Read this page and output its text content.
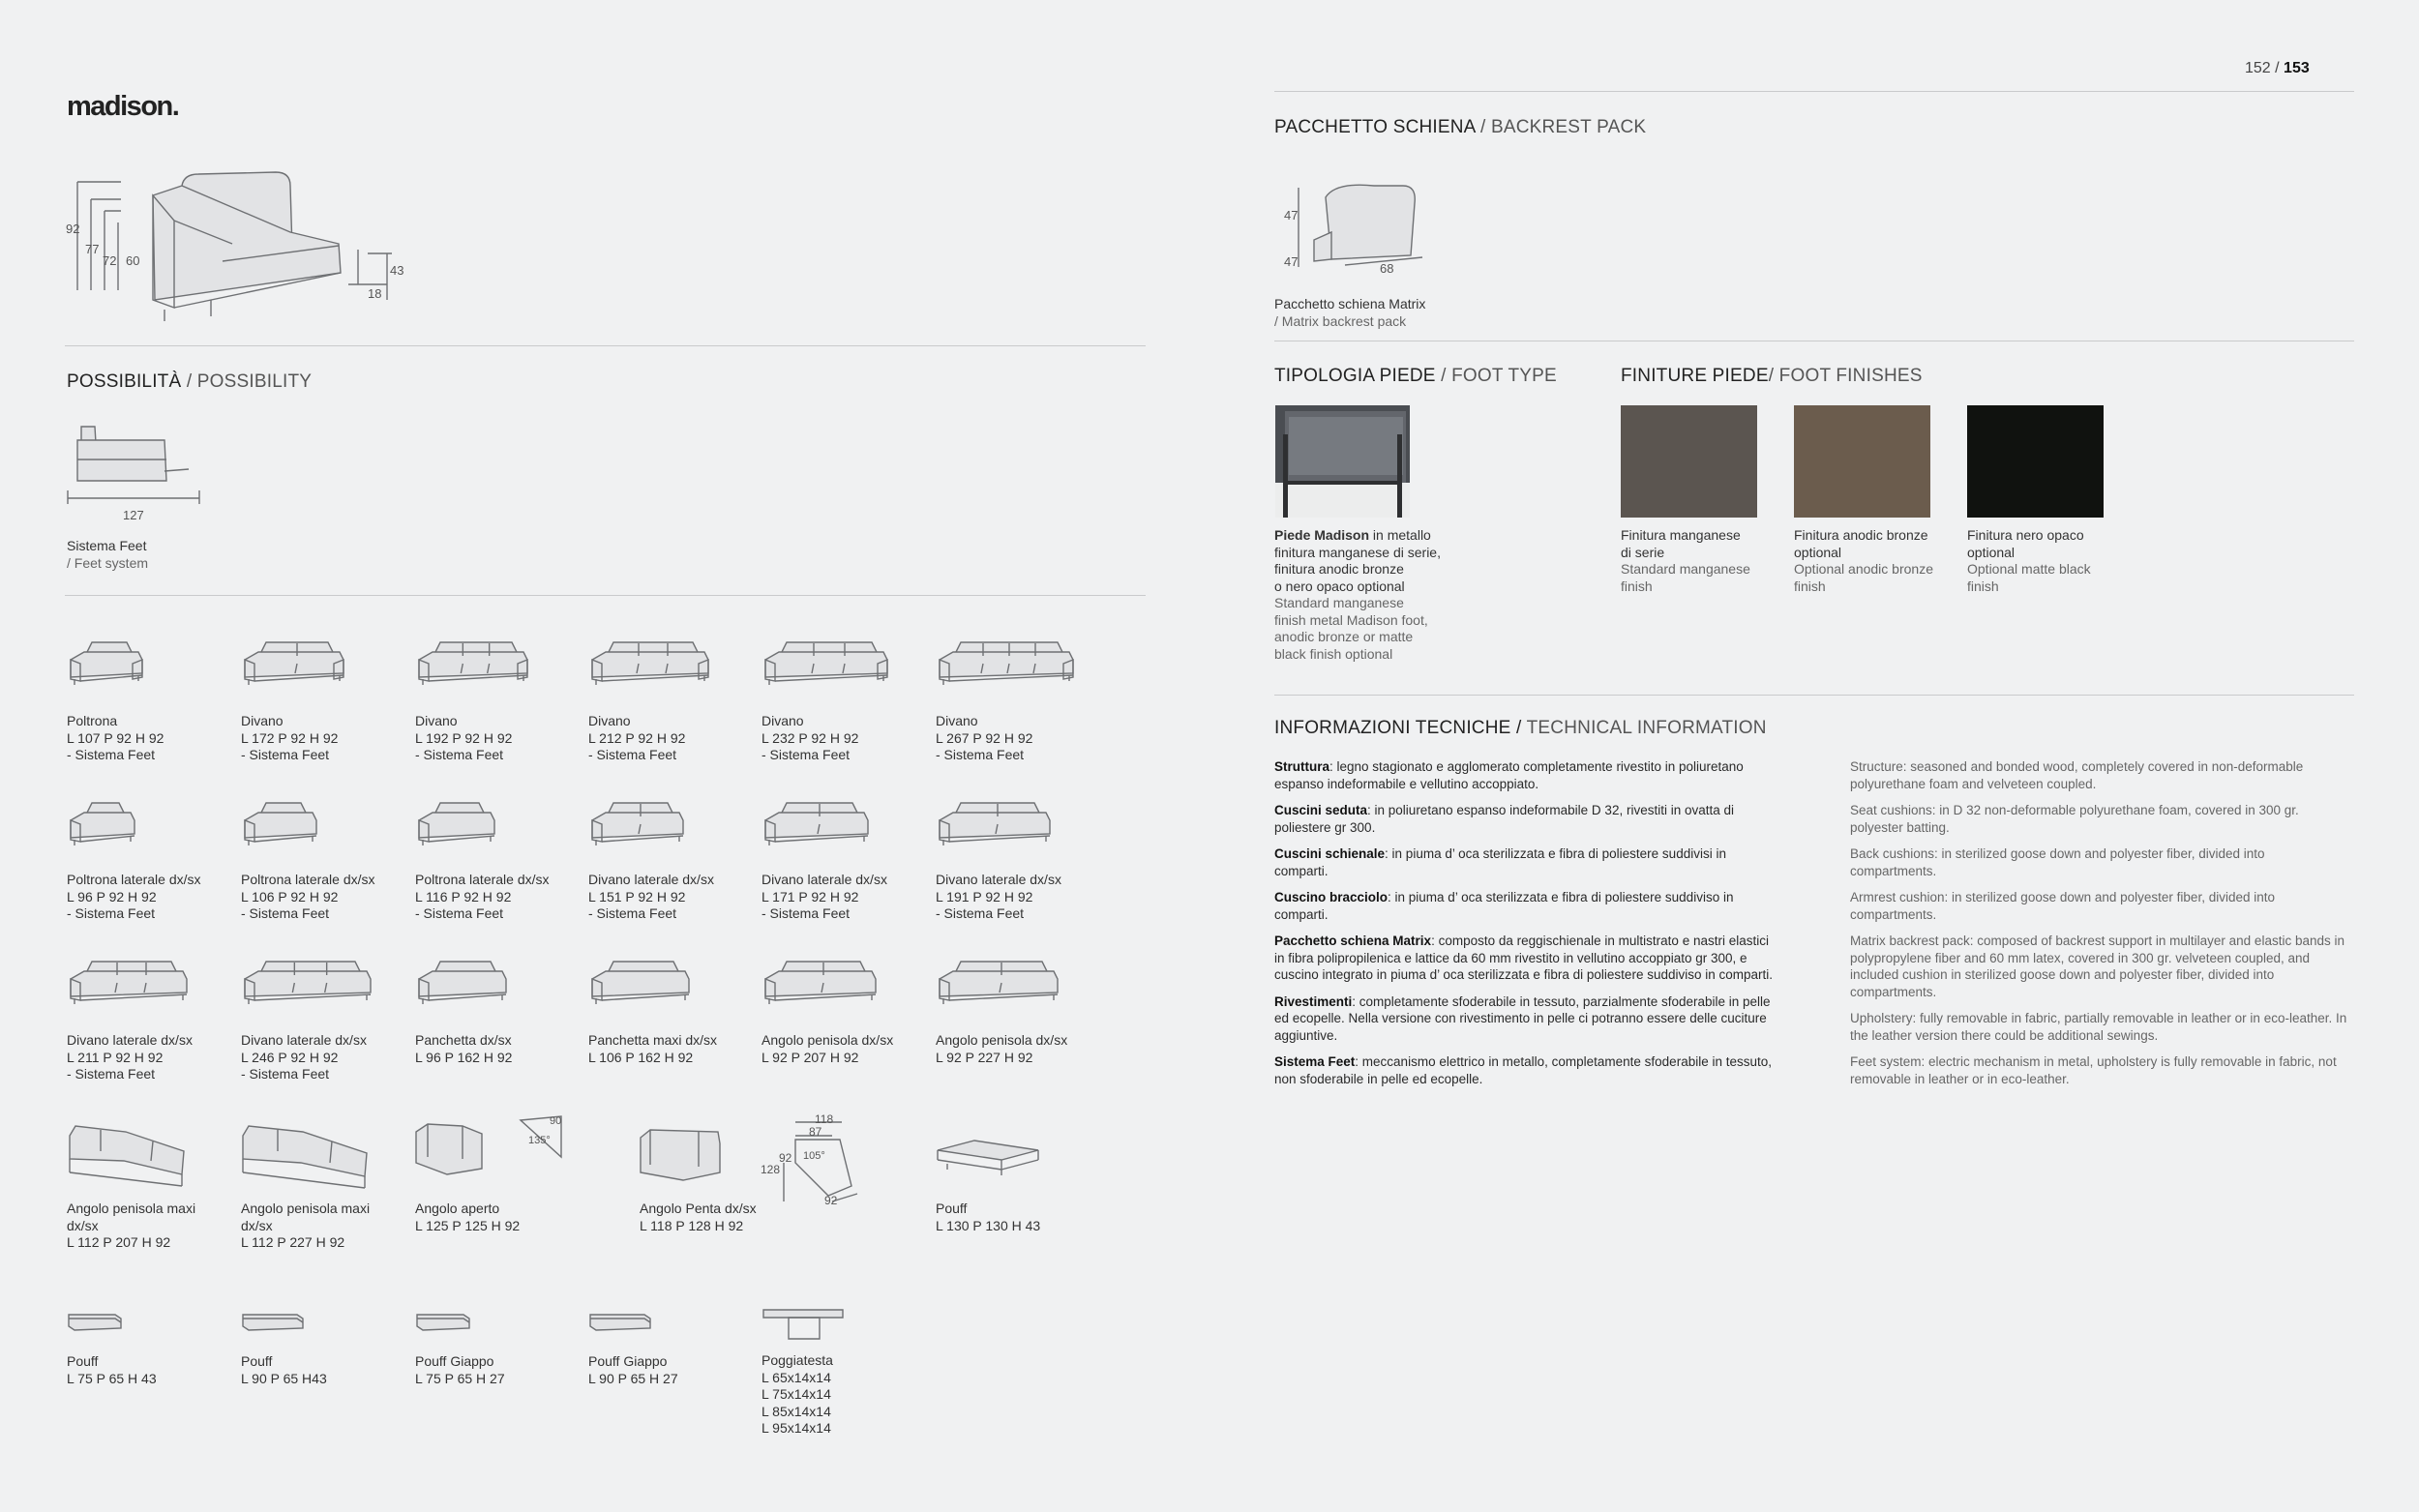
madison.
152 / 153
92
77
72 60
43
18
POSSIBILITÀ / POSSIBILITY
127
Sistema Feet
/ Feet system
Poltrona
L 107 P 92 H 92
- Sistema Feet
Divano
L 172 P 92 H 92
- Sistema Feet
Divano
L 192 P 92 H 92
- Sistema Feet
Divano
L 212 P 92 H 92
- Sistema Feet
Divano
L 232 P 92 H 92
- Sistema Feet
Divano
L 267 P 92 H 92
- Sistema Feet
Poltrona laterale dx/sx
L 96 P 92 H 92
- Sistema Feet
Poltrona laterale dx/sx
L 106 P 92 H 92
- Sistema Feet
Poltrona laterale dx/sx
L 116 P 92 H 92
- Sistema Feet
Divano laterale dx/sx
L 151 P 92 H 92
- Sistema Feet
Divano laterale dx/sx
L 171 P 92 H 92
- Sistema Feet
Divano laterale dx/sx
L 191 P 92 H 92
- Sistema Feet
Divano laterale dx/sx
L 211 P 92 H 92
- Sistema Feet
Divano laterale dx/sx
L 246 P 92 H 92
- Sistema Feet
Panchetta dx/sx
L 96 P 162 H 92
Panchetta maxi dx/sx
L 106 P 162 H 92
Angolo penisola dx/sx
L 92 P 207 H 92
Angolo penisola dx/sx
L 92 P 227 H 92
135°
90	118
87
92 105°
128
92
Angolo penisola maxi
dx/sx
L 112 P 207 H 92
Angolo penisola maxi
dx/sx
L 112 P 227 H 92
Angolo aperto
L 125 P 125 H 92
Angolo Penta dx/sx
L 118 P 128 H 92
Pouff
L 130 P 130 H 43
Pouff
L 75 P 65 H 43
Pouff
L 90 P 65 H43
Pouff Giappo
L 75 P 65 H 27
Pouff Giappo
L 90 P 65 H 27
Poggiatesta
L 65x14x14
L 75x14x14
L 85x14x14
L 95x14x14
PACCHETTO SCHIENA / BACKREST PACK
47
47	68
Pacchetto schiena Matrix
/ Matrix backrest pack
TIPOLOGIA PIEDE / FOOT TYPE
Piede Madison in metallo
finitura manganese di serie,
finitura anodic bronze
o nero opaco optional
Standard manganese
finish metal Madison foot,
anodic bronze or matte
black finish optional
FINITURE PIEDE/ FOOT FINISHES
Finitura manganese
di serie
Standard manganese
finish
Finitura anodic bronze
optional
Optional anodic bronze
finish
Finitura nero opaco
optional
Optional matte black
finish
INFORMAZIONI TECNICHE / TECHNICAL INFORMATION

Struttura: legno stagionato e agglomerato completamente rivestito in poliuretano espanso indeformabile e vellutino accoppiato.

Cuscini seduta: in poliuretano espanso indeformabile D 32, rivestiti in ovatta di poliestere gr 300.

Cuscini schienale: in piuma d’ oca sterilizzata e fibra di poliestere suddivisi in comparti.

Cuscino bracciolo: in piuma d’ oca sterilizzata e fibra di poliestere suddiviso in comparti.

Pacchetto schiena Matrix: composto da reggischienale in multistrato e nastri elastici in fibra polipropilenica e lattice da 60 mm rivestito in vellutino accoppiato gr 300, e cuscino integrato in piuma d’ oca sterilizzata e fibra di poliestere suddiviso in comparti.

Rivestimenti: completamente sfoderabile in tessuto, parzialmente sfoderabile in pelle ed ecopelle. Nella versione con rivestimento in pelle ci potranno essere delle cuciture aggiuntive.

Sistema Feet: meccanismo elettrico in metallo, completamente sfoderabile in tessuto, non sfoderabile in pelle ed ecopelle.

Structure: seasoned and bonded wood, completely covered in non-deformable polyurethane foam and velveteen coupled.

Seat cushions: in D 32 non-deformable polyurethane foam, covered in 300 gr. polyester batting.

Back cushions: in sterilized goose down and polyester fiber, divided into compartments.

Armrest cushion: in sterilized goose down and polyester fiber, divided into compartments.

Matrix backrest pack: composed of backrest support in multilayer and elastic bands in polypropylene fiber and 60 mm latex, covered in 300 gr. velveteen coupled, and included cushion in sterilized goose down and polyester fiber, divided into compartments.

Upholstery: fully removable in fabric, partially removable in leather or in eco-leather. In the leather version there could be additional sewings.

Feet system: electric mechanism in metal, upholstery is fully removable in fabric, not removable in leather or in eco-leather.
